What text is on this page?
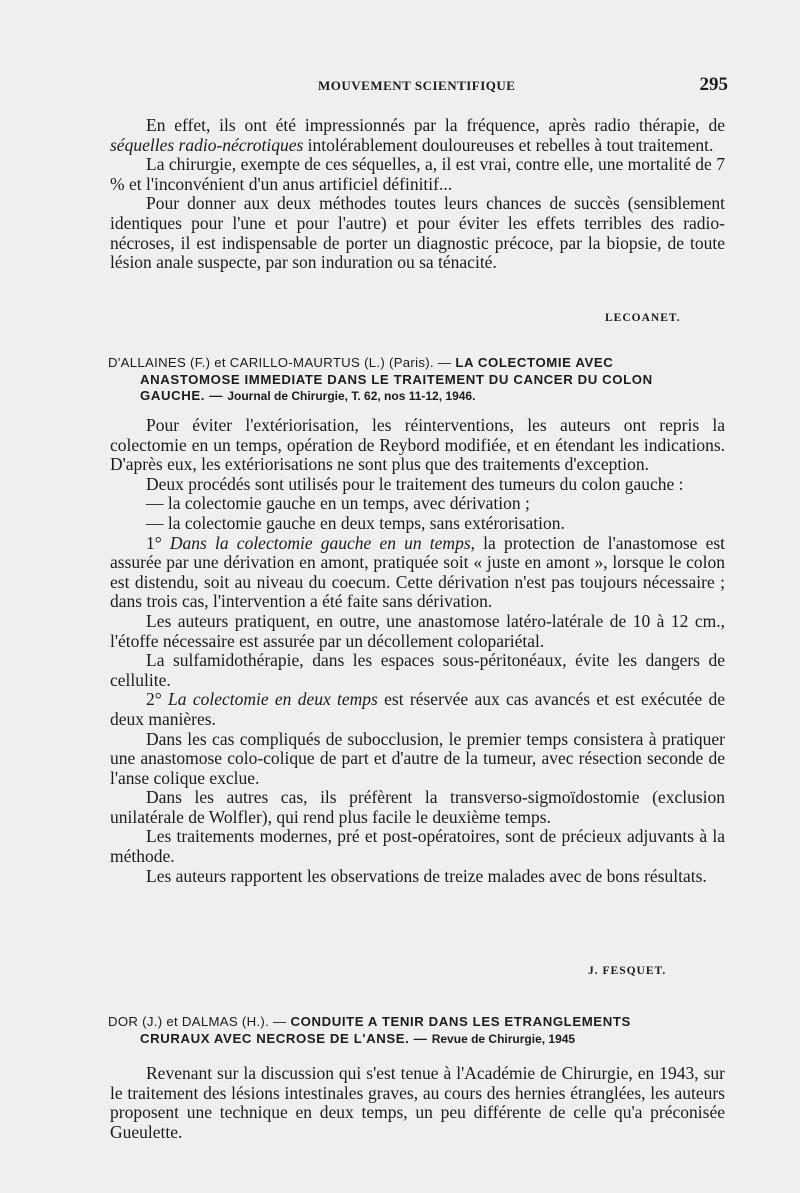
MOUVEMENT SCIENTIFIQUE	295

En effet, ils ont été impressionnés par la fréquence, après radio thérapie, de séquelles radio-nécrotiques intolérablement douloureuses et rebelles à tout traitement.

La chirurgie, exempte de ces séquelles, a, il est vrai, contre elle, une mortalité de 7 % et l'inconvénient d'un anus artificiel définitif...

Pour donner aux deux méthodes toutes leurs chances de succès (sensiblement identiques pour l'une et pour l'autre) et pour éviter les effets terribles des radio-nécroses, il est indispensable de porter un diagnostic précoce, par la biopsie, de toute lésion anale suspecte, par son induration ou sa ténacité.

LECOANET.
D'ALLAINES (F.) et CARILLO-MAURTUS (L.) (Paris). — LA COLECTOMIE AVEC
ANASTOMOSE IMMEDIATE DANS LE TRAITEMENT DU CANCER DU COLON
GAUCHE. — Journal de Chirurgie, T. 62, nos 11-12, 1946.

Pour éviter l'extériorisation, les réinterventions, les auteurs ont repris la colectomie en un temps, opération de Reybord modifiée, et en étendant les indications. D'après eux, les extériorisations ne sont plus que des traitements d'exception.

Deux procédés sont utilisés pour le traitement des tumeurs du colon gauche :

— la colectomie gauche en un temps, avec dérivation ;

— la colectomie gauche en deux temps, sans extérorisation.

1° Dans la colectomie gauche en un temps, la protection de l'anastomose est assurée par une dérivation en amont, pratiquée soit « juste en amont », lorsque le colon est distendu, soit au niveau du coecum. Cette dérivation n'est pas toujours nécessaire ; dans trois cas, l'intervention a été faite sans dérivation.

Les auteurs pratiquent, en outre, une anastomose latéro-latérale de 10 à 12 cm., l'étoffe nécessaire est assurée par un décollement colopariétal.

La sulfamidothérapie, dans les espaces sous-péritonéaux, évite les dangers de cellulite.

2° La colectomie en deux temps est réservée aux cas avancés et est exécutée de deux manières.

Dans les cas compliqués de subocclusion, le premier temps consistera à pratiquer une anastomose colo-colique de part et d'autre de la tumeur, avec résection seconde de l'anse colique exclue.

Dans les autres cas, ils préfèrent la transverso-sigmoïdostomie (exclusion unilatérale de Wolfler), qui rend plus facile le deuxième temps.

Les traitements modernes, pré et post-opératoires, sont de précieux adjuvants à la méthode.

Les auteurs rapportent les observations de treize malades avec de bons résultats.

J. FESQUET.
DOR (J.) et DALMAS (H.). — CONDUITE A TENIR DANS LES ETRANGLEMENTS
CRURAUX AVEC NECROSE DE L'ANSE. — Revue de Chirurgie, 1945

Revenant sur la discussion qui s'est tenue à l'Académie de Chirurgie, en 1943, sur le traitement des lésions intestinales graves, au cours des hernies étranglées, les auteurs proposent une technique en deux temps, un peu différente de celle qu'a préconisée Gueulette.
